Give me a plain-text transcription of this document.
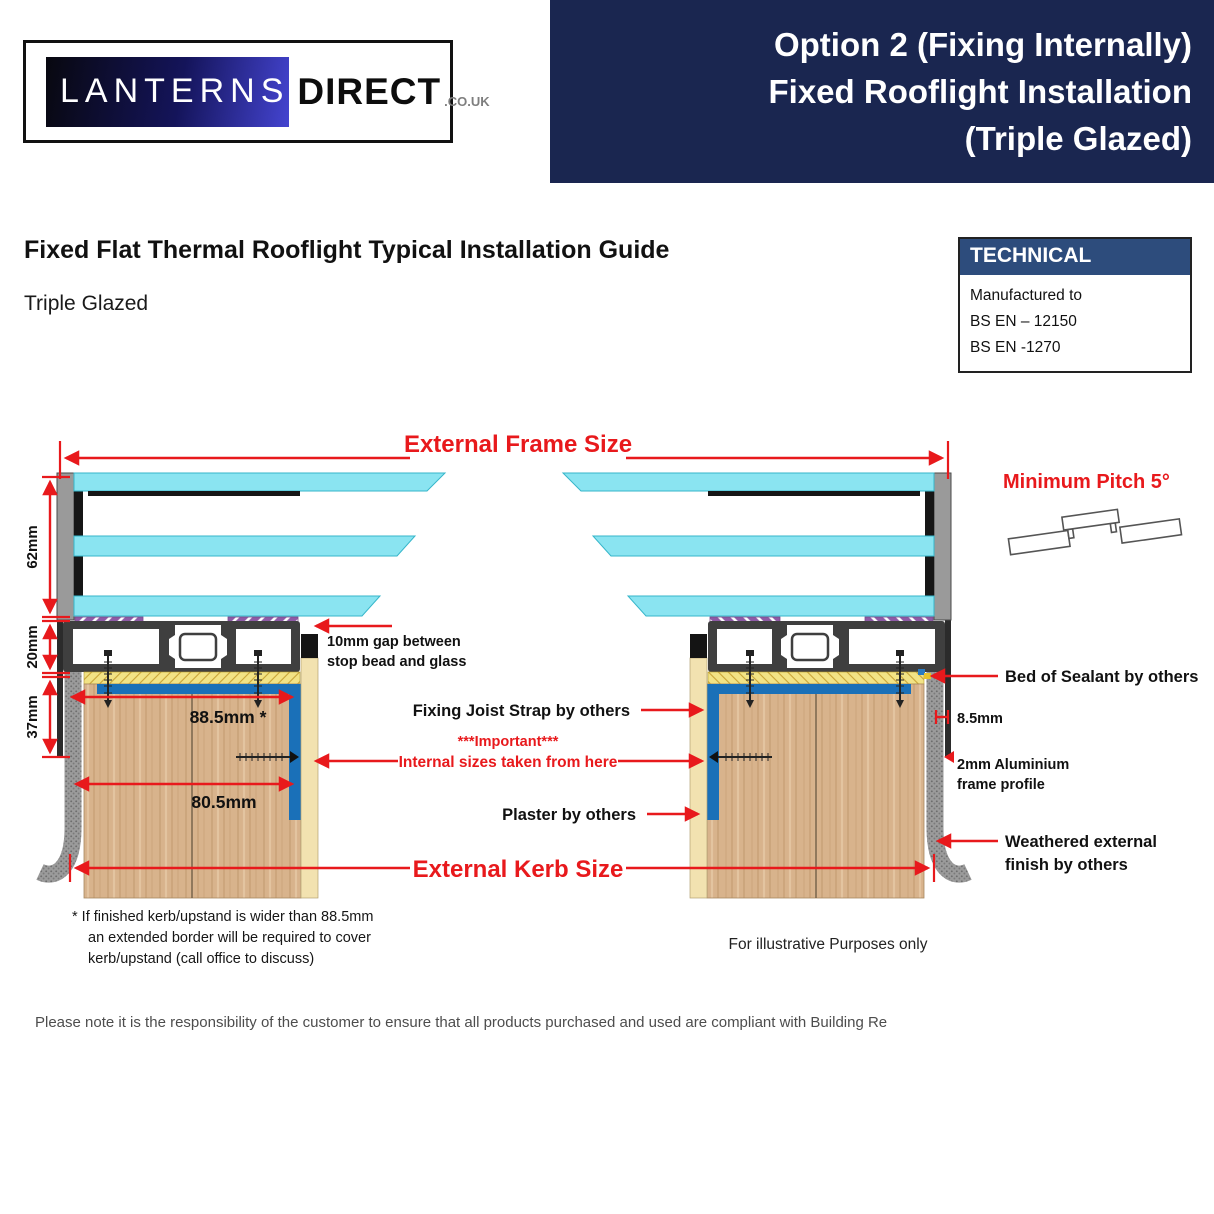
LANTERNS DIRECT .CO.UK
Option 2 (Fixing Internally)
Fixed Rooflight Installation
(Triple Glazed)
Fixed Flat Thermal Rooflight Typical Installation Guide
Triple Glazed
TECHNICAL
Manufactured to
BS EN – 12150
BS EN -1270
External Frame Size
62mm
20mm
37mm	88.5mm *
80.5mm
External Kerb Size
10mm gap between
stop bead and glass
Fixing Joist Strap by others
***Important***
Internal sizes taken from here
Plaster by others
Bed of Sealant by others
8.5mm
2mm Aluminium
frame profile
Weathered external
finish by others
Minimum Pitch 5°
* If finished kerb/upstand is wider than 88.5mm
an extended border will be required to cover
kerb/upstand (call office to discuss)
For illustrative Purposes only
Please note it is the responsibility of the customer to ensure that all products purchased and used are compliant with Building Re
